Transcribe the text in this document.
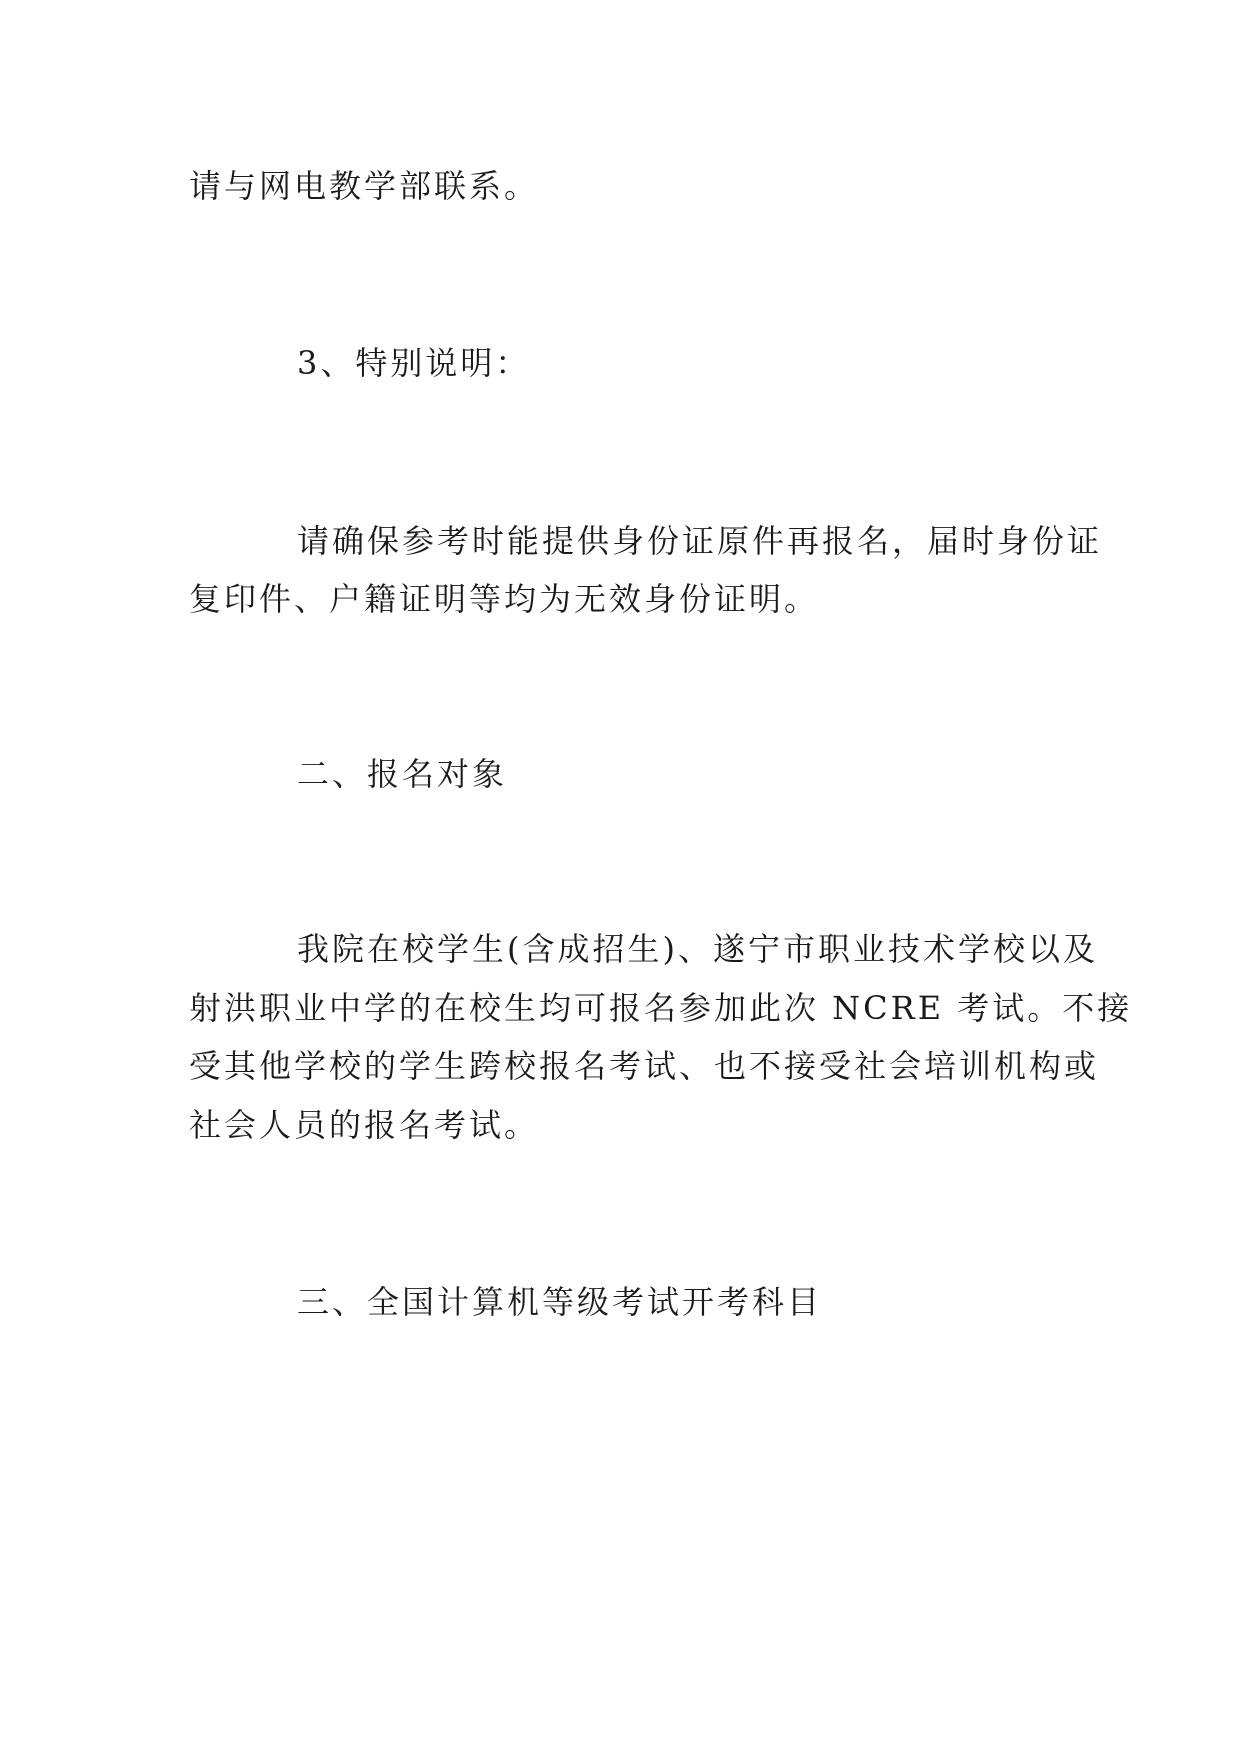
请与网电教学部联系。
3、特别说明：
请确保参考时能提供身份证原件再报名，届时身份证
复印件、户籍证明等均为无效身份证明。
二、报名对象
我院在校学生(含成招生)、遂宁市职业技术学校以及
射洪职业中学的在校生均可报名参加此次 NCRE 考试。不接
受其他学校的学生跨校报名考试、也不接受社会培训机构或
社会人员的报名考试。
三、全国计算机等级考试开考科目
